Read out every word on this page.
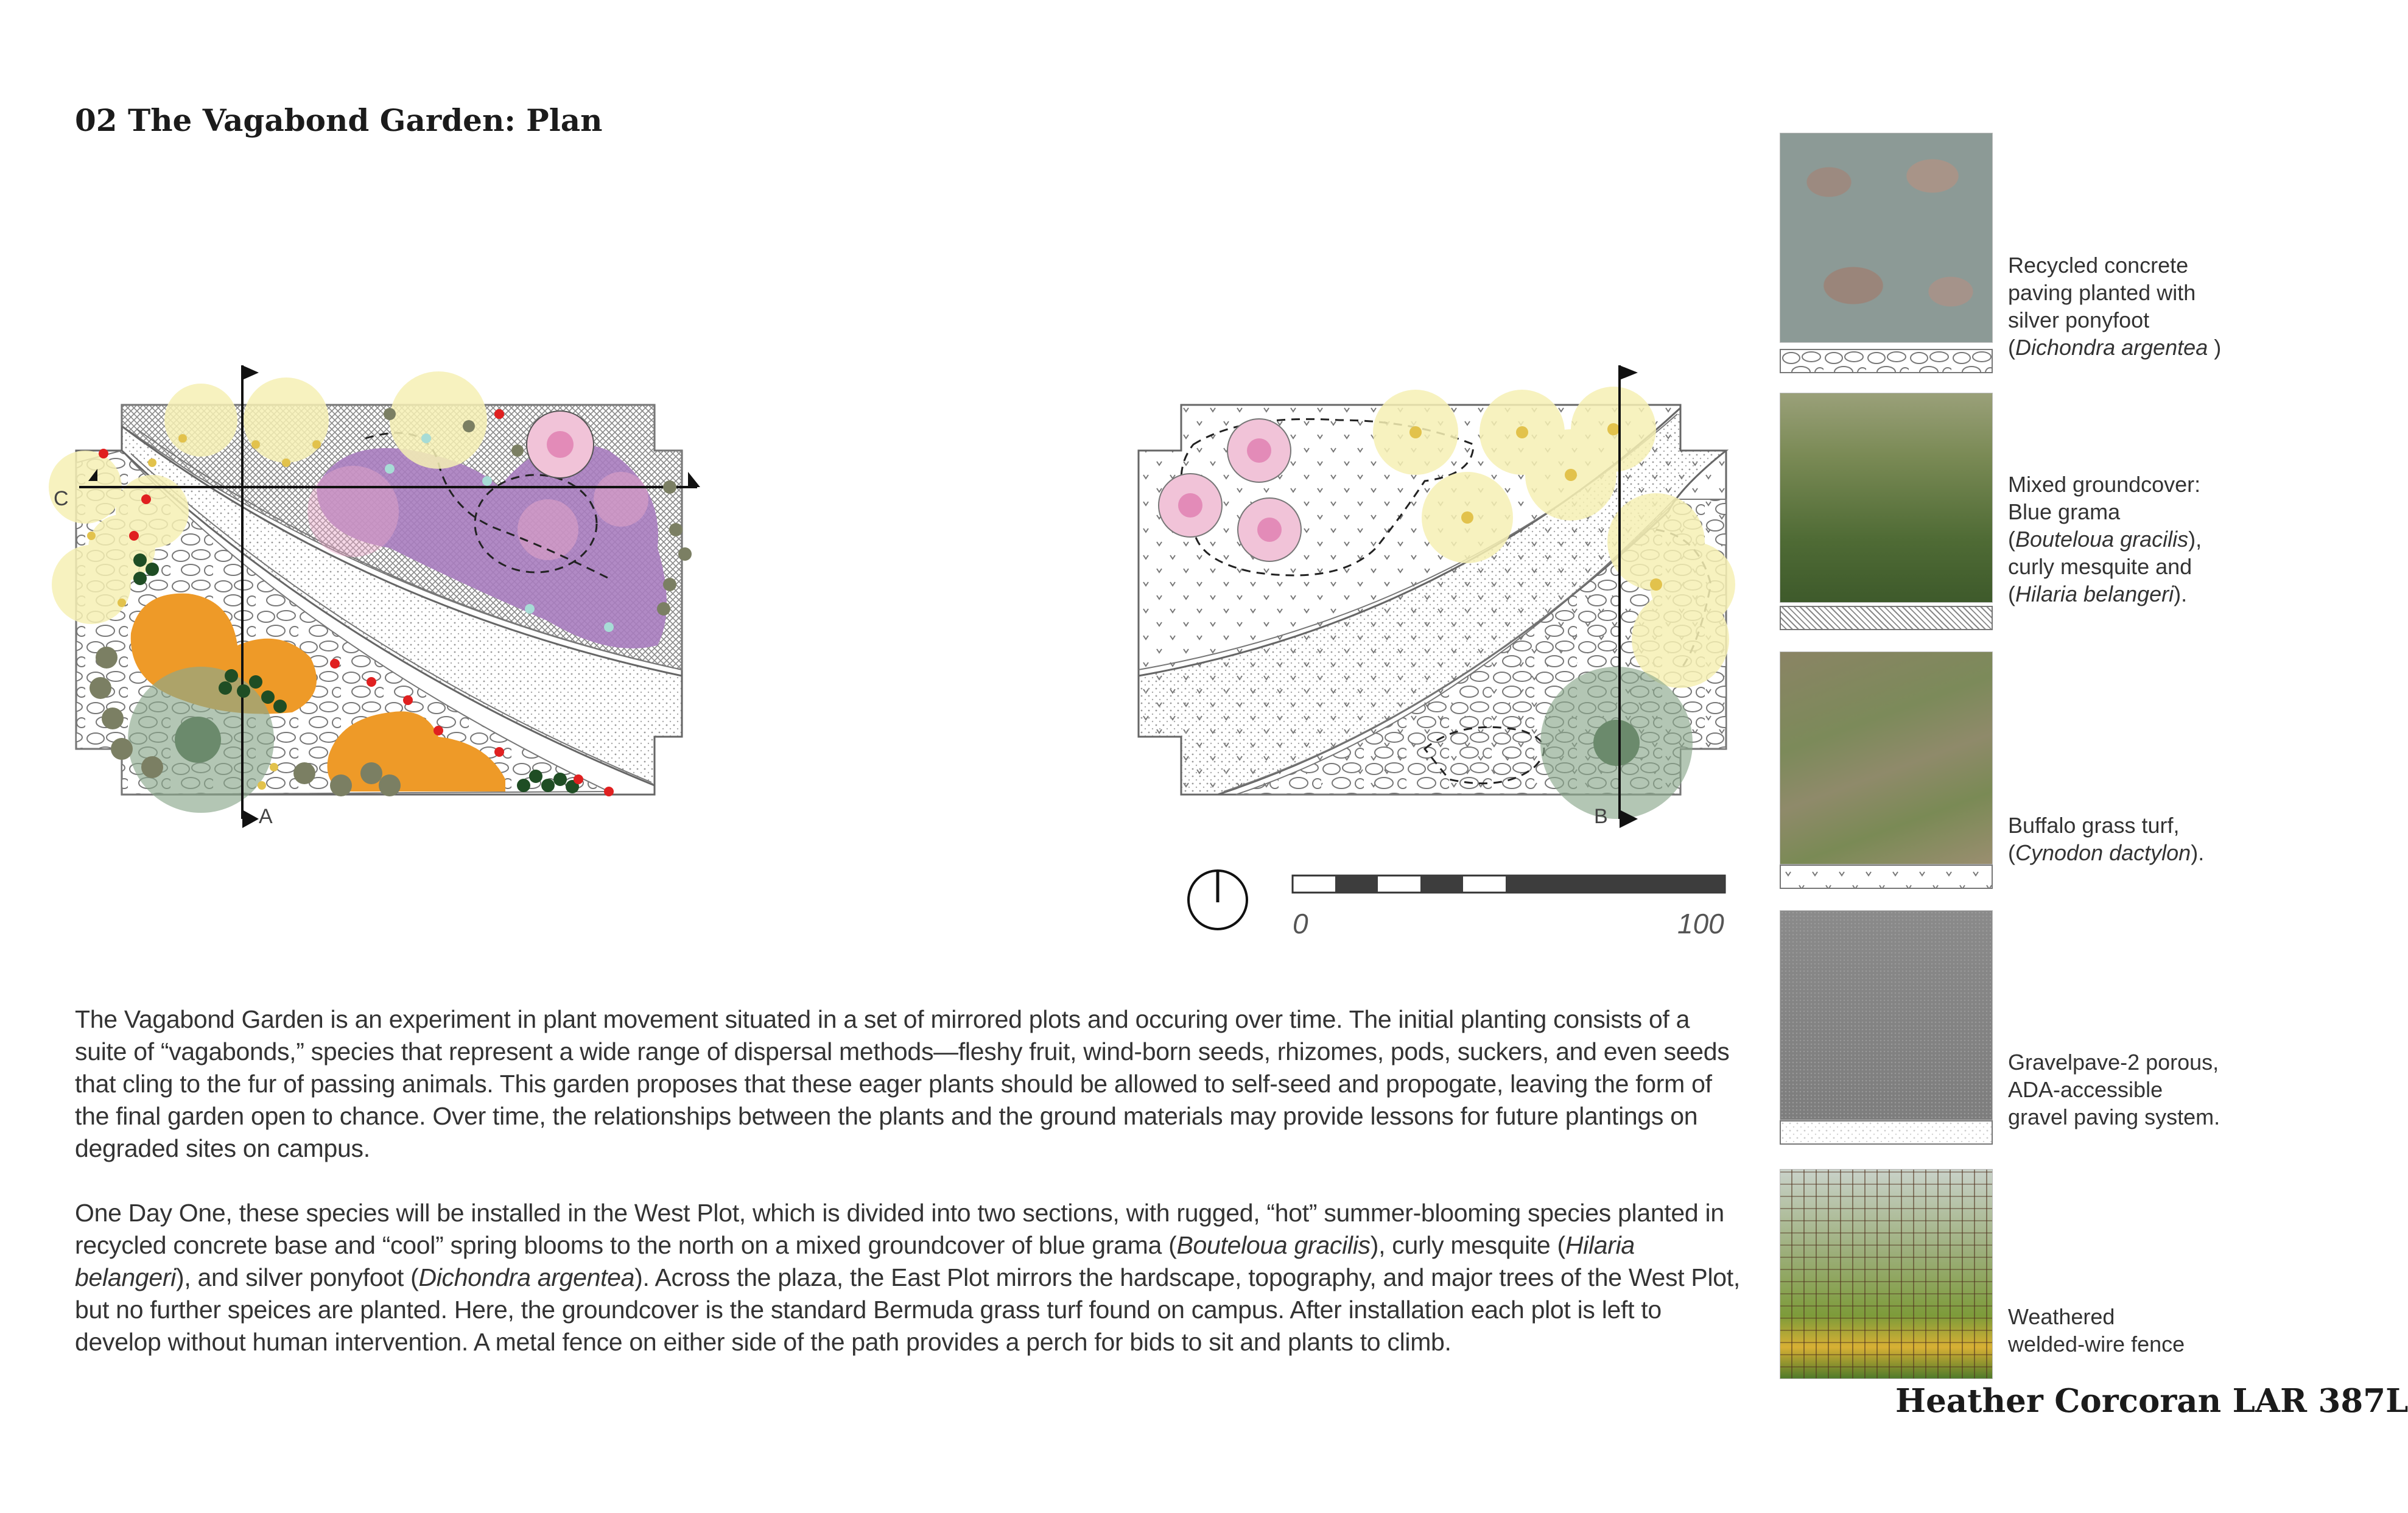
02 The Vagabond Garden: Plan
A	B
C
0	100
The Vagabond Garden is an experiment in plant movement situated in a set of mirrored plots and occuring over time. The initial planting consists of a suite of “vagabonds,” species that represent a wide range of dispersal methods—fleshy fruit, wind-born seeds, rhizomes, pods, suckers, and even seeds that cling to the fur of passing animals. This garden proposes that these eager plants should be allowed to self-seed and propogate, leaving the form of the final garden open to chance. Over time, the relationships between the plants and the ground materials may provide lessons for future plantings on degraded sites on campus.
One Day One, these species will be installed in the West Plot, which is divided into two sections, with rugged, “hot” summer-blooming species planted in recycled concrete base and “cool” spring blooms to the north on a mixed groundcover of blue grama (Bouteloua gracilis), curly mesquite (Hilaria belangeri), and silver ponyfoot (Dichondra argentea). Across the plaza, the East Plot mirrors the hardscape, topography, and major trees of the West Plot, but no further speices are planted. Here, the groundcover is the standard Bermuda grass turf found on campus. After installation each plot is left to develop without human intervention. A metal fence on either side of the path provides a perch for bids to sit and plants to climb.
Recycled concrete
paving planted with
silver ponyfoot
(Dichondra argentea )
Mixed groundcover:
Blue grama
(Bouteloua gracilis),
curly mesquite and
(Hilaria belangeri).
Buffalo grass turf,
(Cynodon dactylon).
Gravelpave-2 porous,
ADA-accessible
gravel paving system.
Weathered
welded-wire fence
Heather Corcoran LAR 387L
